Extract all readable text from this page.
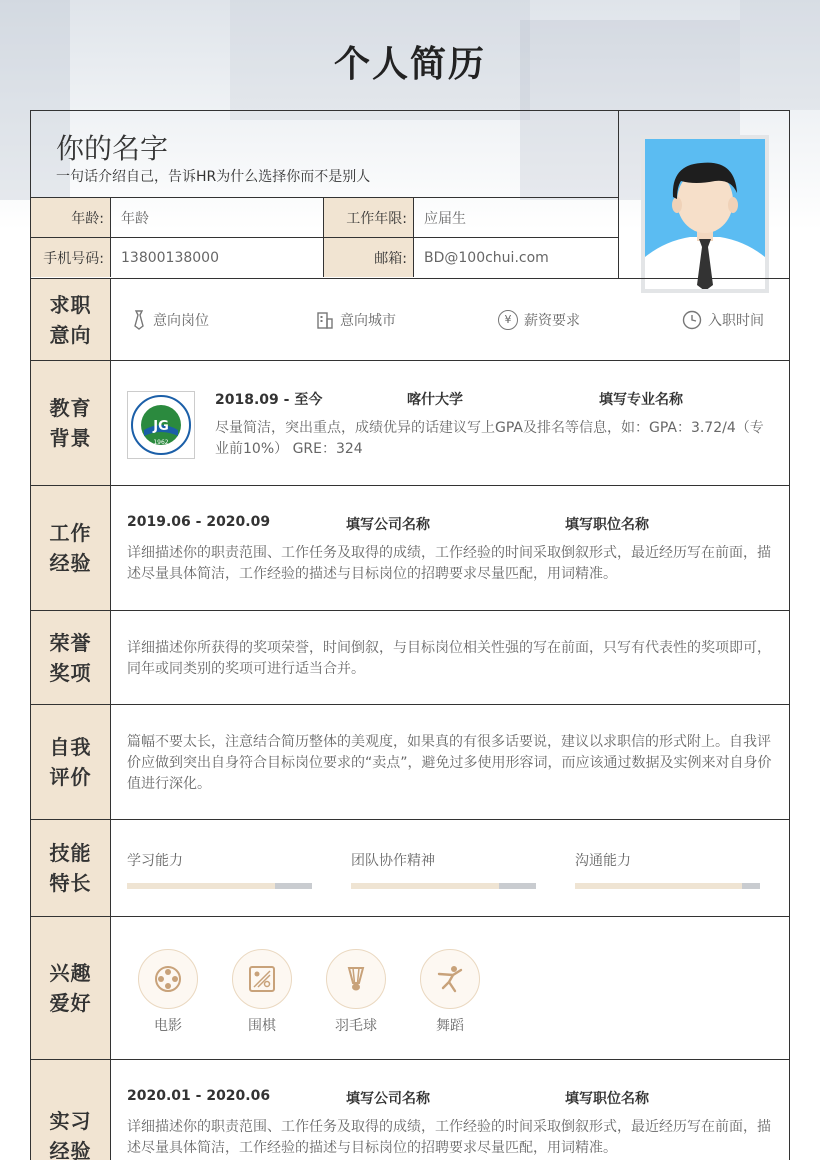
个人简历
你的名字
一句话介绍自己，告诉HR为什么选择你而不是别人
年龄:	年龄	工作年限:	应届生
手机号码:	13800138000	邮箱:	BD@100chui.com
求职意向
意向岗位	意向城市	¥ 薪资要求	入职时间
教育背景	JG
1962
2018.09 - 至今	喀什大学	填写专业名称
尽量简洁，突出重点，成绩优异的话建议写上GPA及排名等信息，如：GPA：3.72/4（专业前10%） GRE：324
工作经验
2019.06 - 2020.09	填写公司名称	填写职位名称
详细描述你的职责范围、工作任务及取得的成绩，工作经验的时间采取倒叙形式，最近经历写在前面，描述尽量具体简洁，工作经验的描述与目标岗位的招聘要求尽量匹配，用词精准。
荣誉奖项
详细描述你所获得的奖项荣誉，时间倒叙，与目标岗位相关性强的写在前面，只写有代表性的奖项即可，同年或同类别的奖项可进行适当合并。
自我评价
篇幅不要太长，注意结合简历整体的美观度，如果真的有很多话要说，建议以求职信的形式附上。自我评价应做到突出自身符合目标岗位要求的“卖点”，避免过多使用形容词，而应该通过数据及实例来对自身价值进行深化。
技能特长
学习能力	团队协作精神	沟通能力
兴趣爱好
电影	围棋	羽毛球	舞蹈
实习经验
2020.01 - 2020.06	填写公司名称	填写职位名称
详细描述你的职责范围、工作任务及取得的成绩，工作经验的时间采取倒叙形式，最近经历写在前面，描述尽量具体简洁，工作经验的描述与目标岗位的招聘要求尽量匹配，用词精准。
